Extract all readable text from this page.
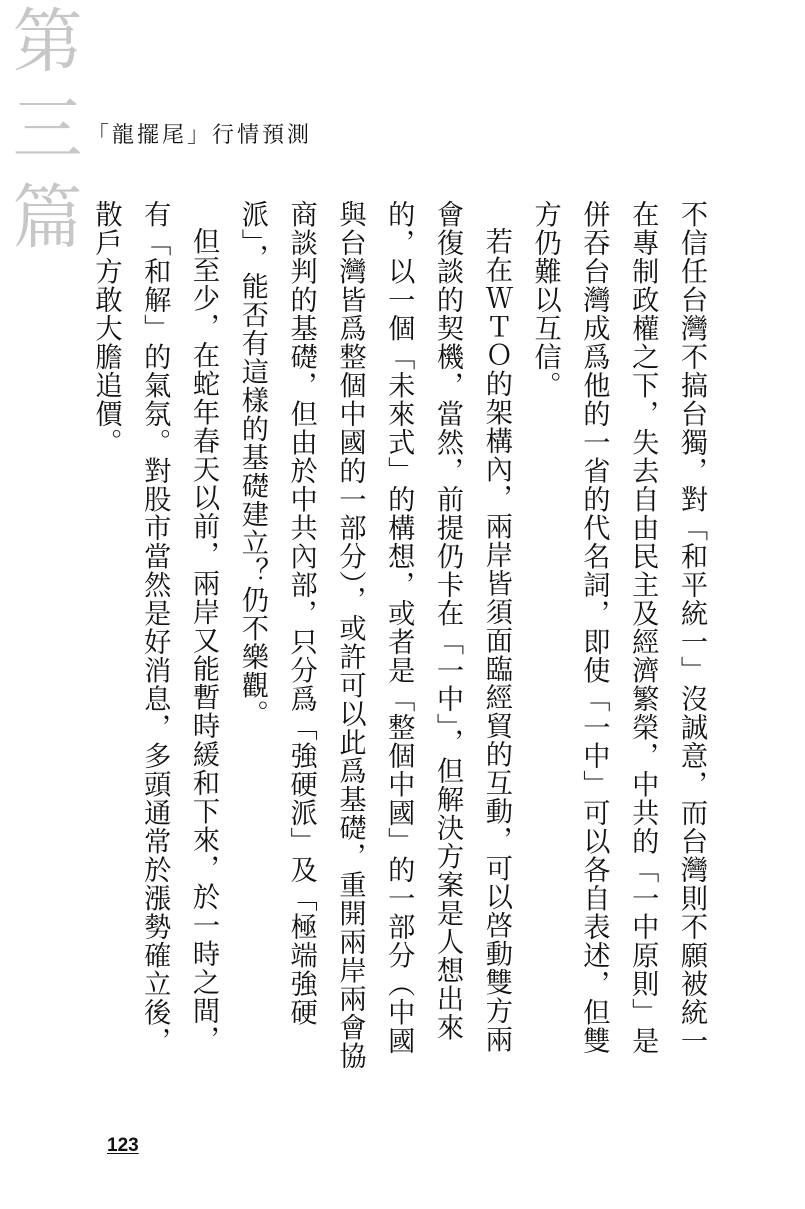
第三篇 「龍擺尾」行情預測

不信任台灣不搞台獨，對「和平統一」沒誠意，而台灣則不願被統一在專制政權之下，失去自由民主及經濟繁榮，中共的「一中原則」是併吞台灣成爲他的一省的代名詞，即使「一中」可以各自表述，但雙方仍難以互信。

若在ＷＴＯ的架構內，兩岸皆須面臨經貿的互動，可以啓動雙方兩會復談的契機，當然，前提仍卡在「一中」，但解決方案是人想出來的，以一個「未來式」的構想，或者是「整個中國」的一部分（中國與台灣皆爲整個中國的一部分），或許可以此爲基礎，重開兩岸兩會協商談判的基礎，但由於中共內部，只分爲「強硬派」及「極端強硬派」，能否有這樣的基礎建立？仍不樂觀。

但至少，在蛇年春天以前，兩岸又能暫時緩和下來，於一時之間，有「和解」的氣氛。對股市當然是好消息，多頭通常於漲勢確立後，散戶方敢大膽追價。

123
